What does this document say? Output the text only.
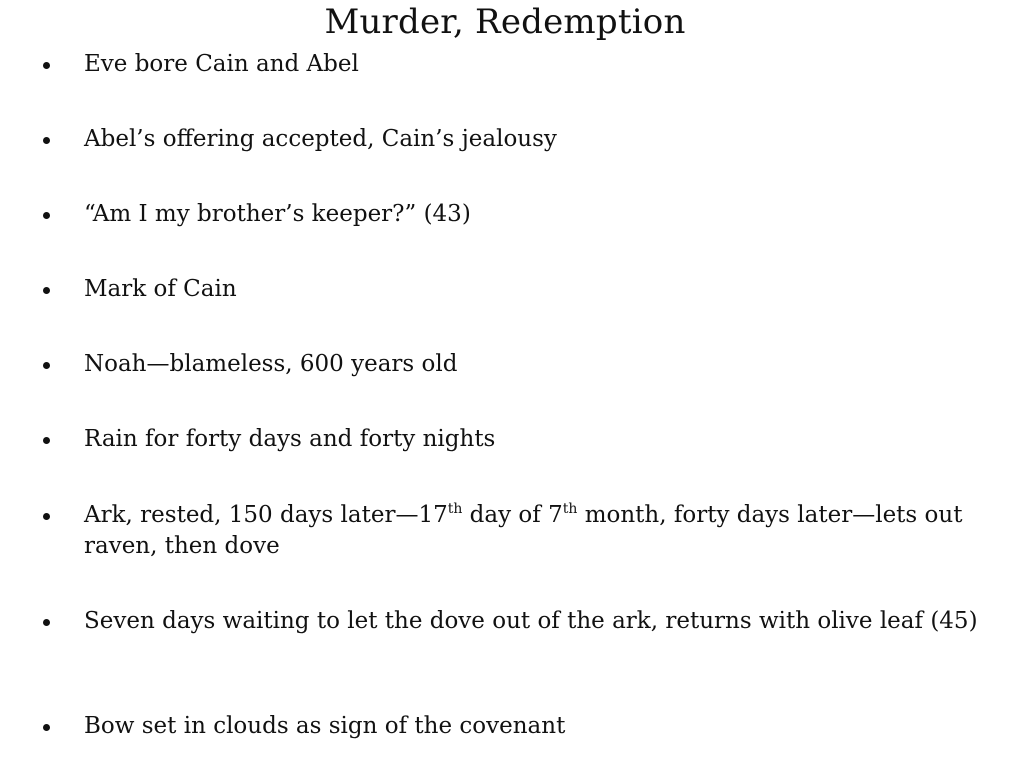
Murder, Redemption

Eve bore Cain and Abel

Abel’s offering accepted, Cain’s jealousy

“Am I my brother’s keeper?” (43)

Mark of Cain

Noah—blameless, 600 years old

Rain for forty days and forty nights

Ark, rested, 150 days later—17th day of 7th month, forty days later—lets out raven, then dove

Seven days waiting to let the dove out of the ark, returns with olive leaf (45)

Bow set in clouds as sign of the covenant
